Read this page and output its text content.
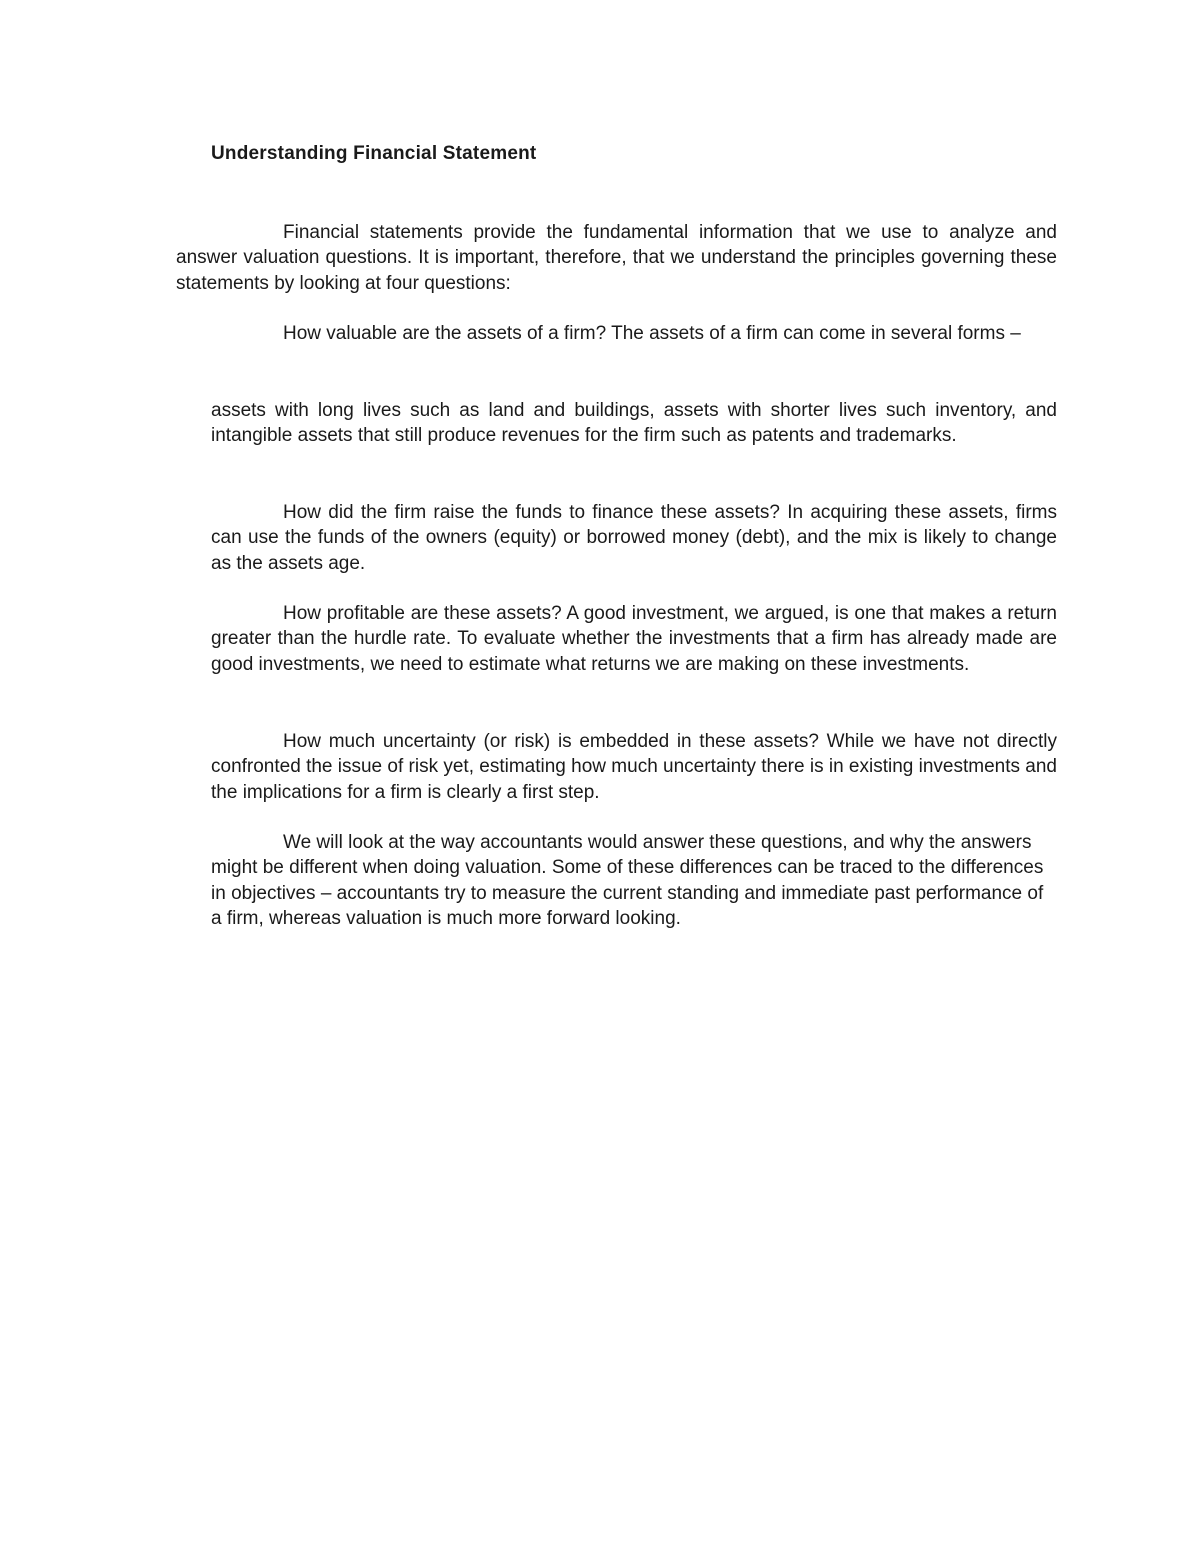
Understanding Financial Statement

Financial statements provide the fundamental information that we use to analyze and answer valuation questions. It is important, therefore, that we understand the principles governing these statements by looking at four questions:

How valuable are the assets of a firm? The assets of a firm can come in several forms –

assets with long lives such as land and buildings, assets with shorter lives such inventory, and intangible assets that still produce revenues for the firm such as patents and trademarks.

How did the firm raise the funds to finance these assets? In acquiring these assets, firms can use the funds of the owners (equity) or borrowed money (debt), and the mix is likely to change as the assets age.

How profitable are these assets? A good investment, we argued, is one that makes a return greater than the hurdle rate. To evaluate whether the investments that a firm has already made are good investments, we need to estimate what returns we are making on these investments.

How much uncertainty (or risk) is embedded in these assets? While we have not directly confronted the issue of risk yet, estimating how much uncertainty there is in existing investments and the implications for a firm is clearly a first step.

We will look at the way accountants would answer these questions, and why the answers might be different when doing valuation. Some of these differences can be traced to the differences in objectives – accountants try to measure the current standing and immediate past performance of a firm, whereas valuation is much more forward looking.
